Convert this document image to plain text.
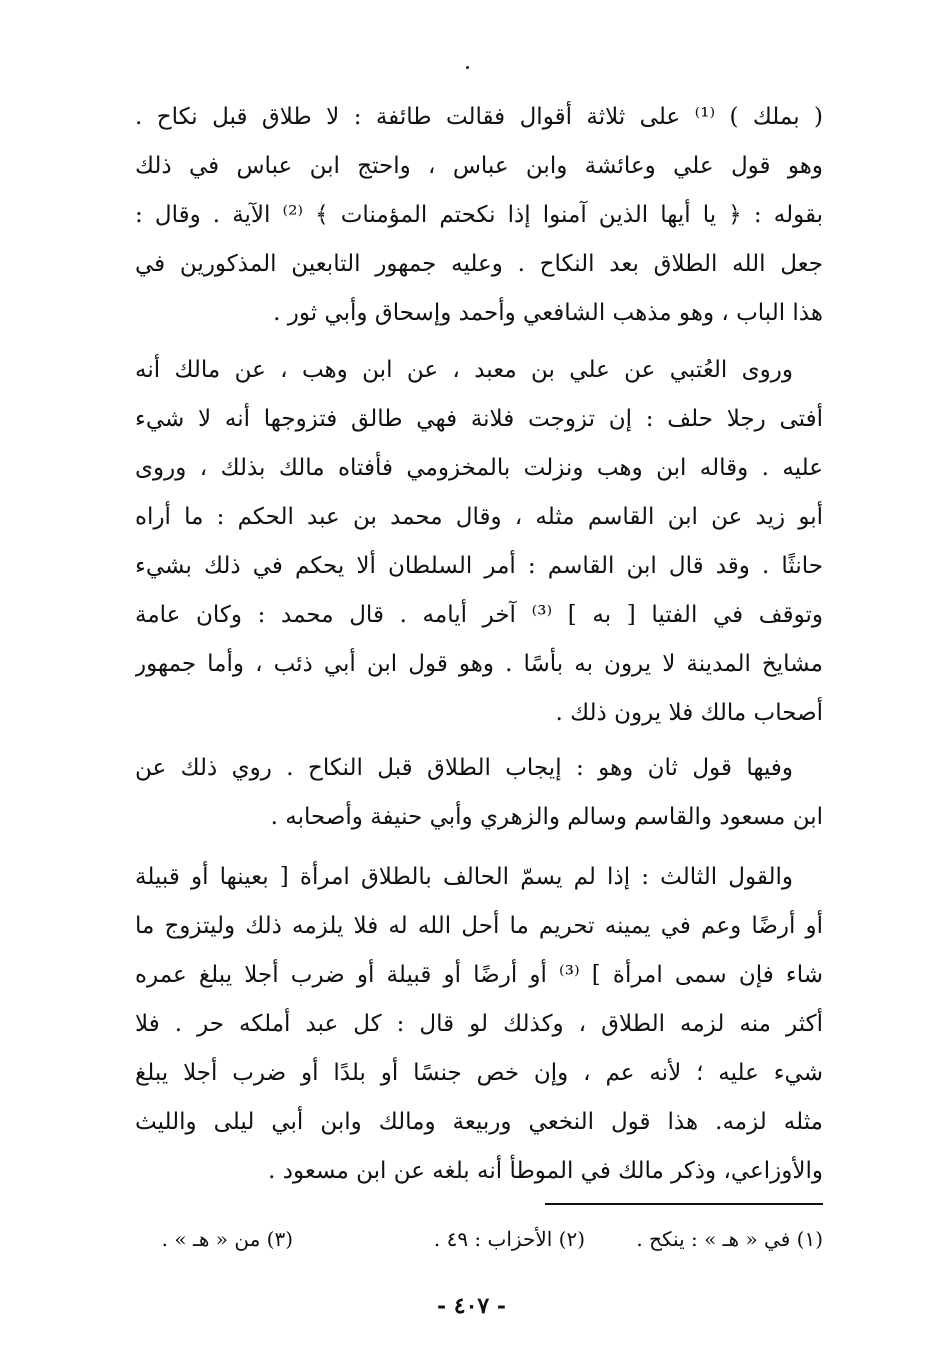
( بملك ) ⁽¹⁾ على ثلاثة أقوال فقالت طائفة : لا طلاق قبل نكاح .
وهو قول علي وعائشة وابن عباس ، واحتج ابن عباس في ذلك
بقوله : ﴿ يا أيها الذين آمنوا إذا نكحتم المؤمنات ﴾ ⁽²⁾ الآية . وقال :
جعل الله الطلاق بعد النكاح . وعليه جمهور التابعين المذكورين في
هذا الباب ، وهو مذهب الشافعي وأحمد وإسحاق وأبي ثور .
وروى العُتبي عن علي بن معبد ، عن ابن وهب ، عن مالك أنه
أفتى رجلا حلف : إن تزوجت فلانة فهي طالق فتزوجها أنه لا شيء
عليه . وقاله ابن وهب ونزلت بالمخزومي فأفتاه مالك بذلك ، وروى
أبو زيد عن ابن القاسم مثله ، وقال محمد بن عبد الحكم : ما أراه
حانثًا . وقد قال ابن القاسم : أمر السلطان ألا يحكم في ذلك بشيء
وتوقف في الفتيا [ به ] ⁽³⁾ آخر أيامه . قال محمد : وكان عامة
مشايخ المدينة لا يرون به بأسًا . وهو قول ابن أبي ذئب ، وأما جمهور
أصحاب مالك فلا يرون ذلك .
وفيها قول ثان وهو : إيجاب الطلاق قبل النكاح . روي ذلك عن
ابن مسعود والقاسم وسالم والزهري وأبي حنيفة وأصحابه .
والقول الثالث : إذا لم يسمّ الحالف بالطلاق امرأة [ بعينها أو قبيلة
أو أرضًا وعم في يمينه تحريم ما أحل الله له فلا يلزمه ذلك وليتزوج ما
شاء فإن سمى امرأة ] ⁽³⁾ أو أرضًا أو قبيلة أو ضرب أجلا يبلغ عمره
أكثر منه لزمه الطلاق ، وكذلك لو قال : كل عبد أملكه حر . فلا
شيء عليه ؛ لأنه عم ، وإن خص جنسًا أو بلدًا أو ضرب أجلا يبلغ
مثله لزمه. هذا قول النخعي وربيعة ومالك وابن أبي ليلى والليث
والأوزاعي، وذكر مالك في الموطأ أنه بلغه عن ابن مسعود .
(١) في « هـ » : ينكح .
(٢) الأحزاب : ٤٩ .
(٣) من « هـ » .
- ٤٠٧ -
